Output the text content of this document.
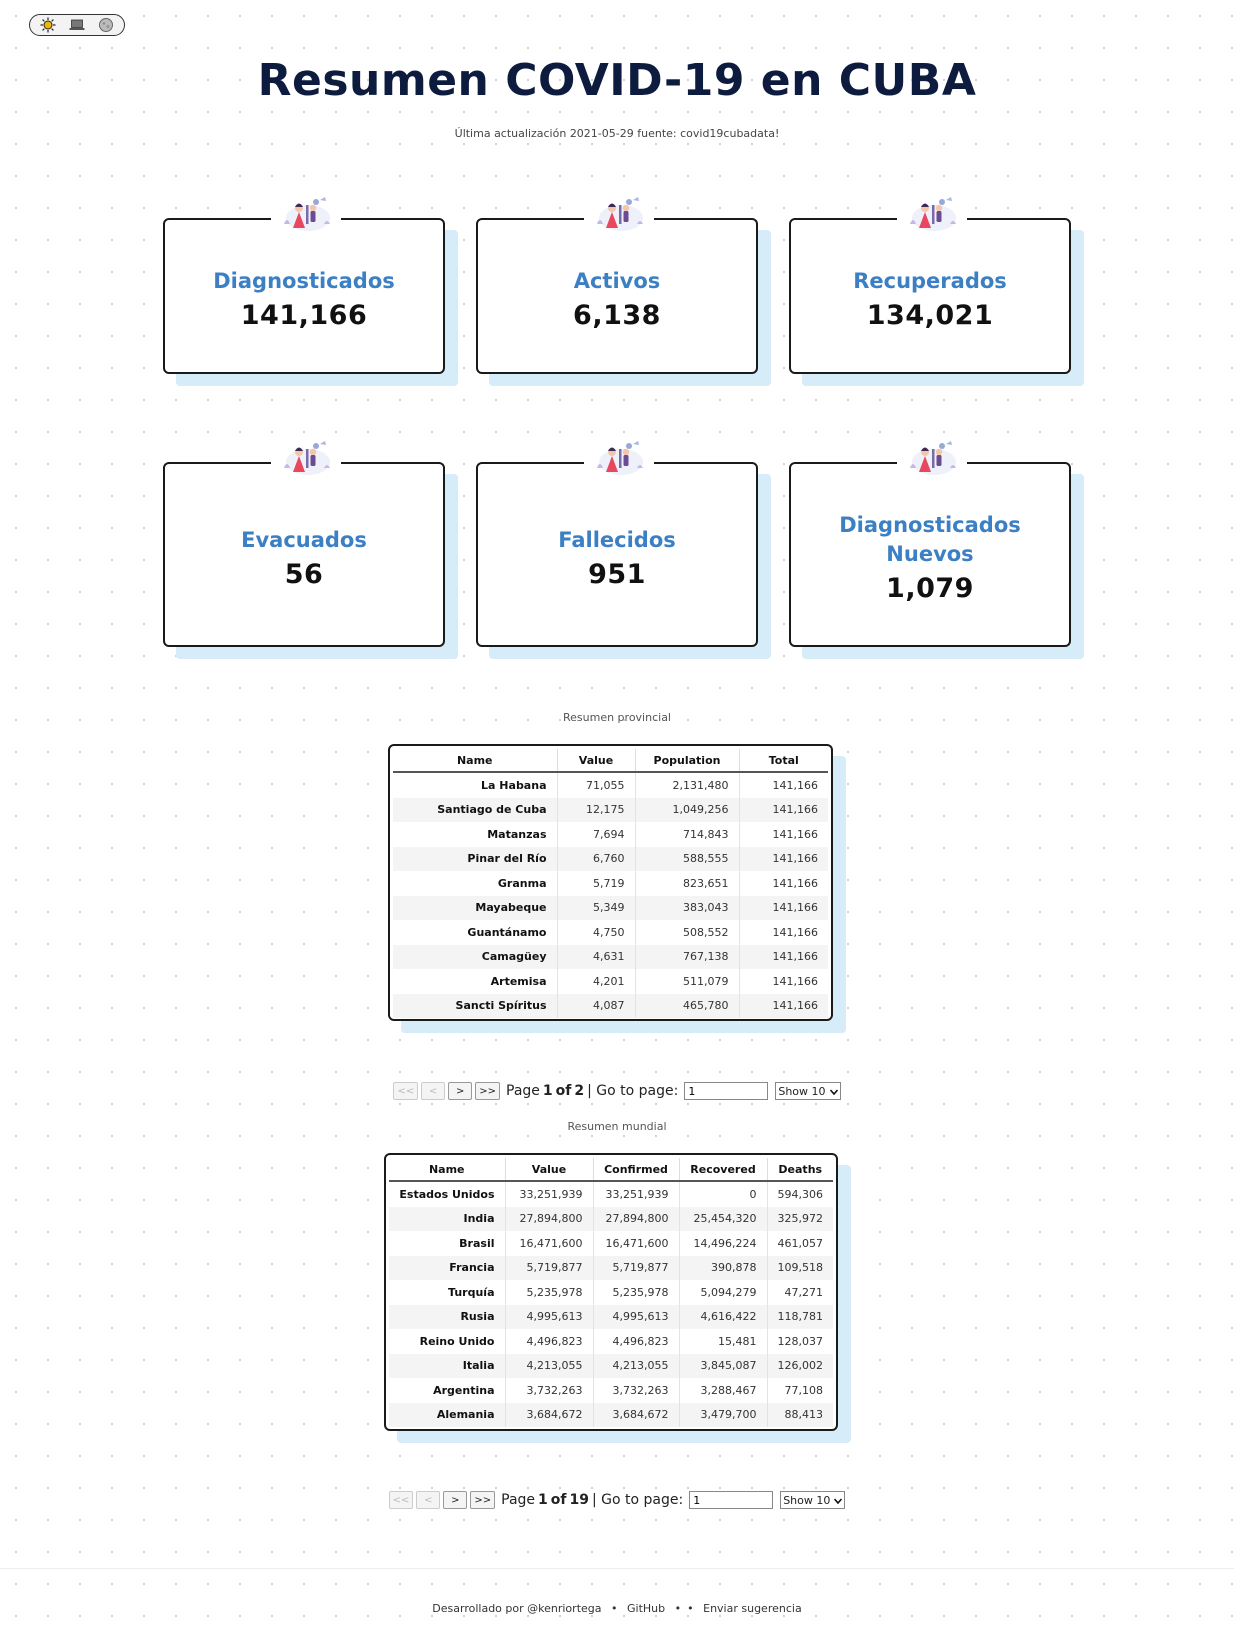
Resumen COVID-19 en CUBA
Última actualización 2021-05-29 fuente: covid19cubadata!
Diagnosticados
141,166
Activos
6,138
Recuperados
134,021
Evacuados
56
Fallecidos
951
Diagnosticados Nuevos
1,079
Resumen provincial
Name	Value	Population	Total
La Habana	71,055	2,131,480	141,166
Santiago de Cuba	12,175	1,049,256	141,166
Matanzas	7,694	714,843	141,166
Pinar del Río	6,760	588,555	141,166
Granma	5,719	823,651	141,166
Mayabeque	5,349	383,043	141,166
Guantánamo	4,750	508,552	141,166
Camagüey	4,631	767,138	141,166
Artemisa	4,201	511,079	141,166
Sancti Spíritus	4,087	465,780	141,166
<<	<	>	>> Page 1 of 2 | Go to page:
1	Show 10
Resumen mundial
Name	Value	Confirmed	Recovered	Deaths
Estados Unidos	33,251,939	33,251,939	0	594,306
India	27,894,800	27,894,800	25,454,320	325,972
Brasil	16,471,600	16,471,600	14,496,224	461,057
Francia	5,719,877	5,719,877	390,878	109,518
Turquía	5,235,978	5,235,978	5,094,279	47,271
Rusia	4,995,613	4,995,613	4,616,422	118,781
Reino Unido	4,496,823	4,496,823	15,481	128,037
Italia	4,213,055	4,213,055	3,845,087	126,002
Argentina	3,732,263	3,732,263	3,288,467	77,108
Alemania	3,684,672	3,684,672	3,479,700	88,413
<<	<	>	>> Page 1 of 19 | Go to page:
1	Show 10
Desarrollado por @kenriortega • GitHub • • Enviar sugerencia
